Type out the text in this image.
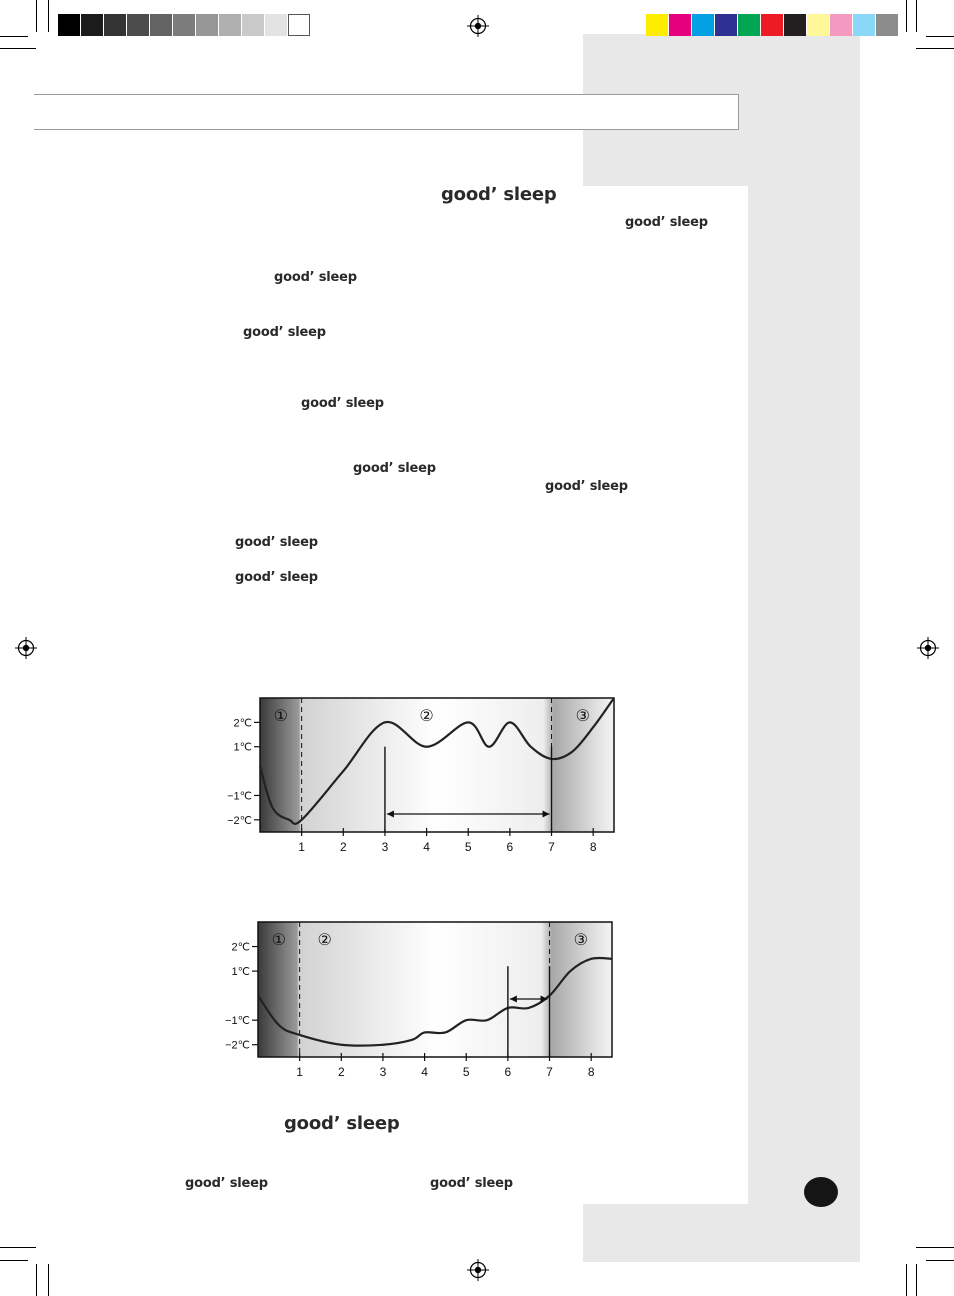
good’ sleep
good’ sleep
good’ sleep
good’ sleep
good’ sleep
good’ sleep
good’ sleep
good’ sleep
good’ sleep
good’ sleep
good’ sleep	good’ sleep
2℃
1℃
−1℃
−2℃
1	2	3	4	5	6	7	8
①	②	③
2℃
1℃
−1℃
−2℃
1	2	3	4	5	6	7	8
① ②	③
